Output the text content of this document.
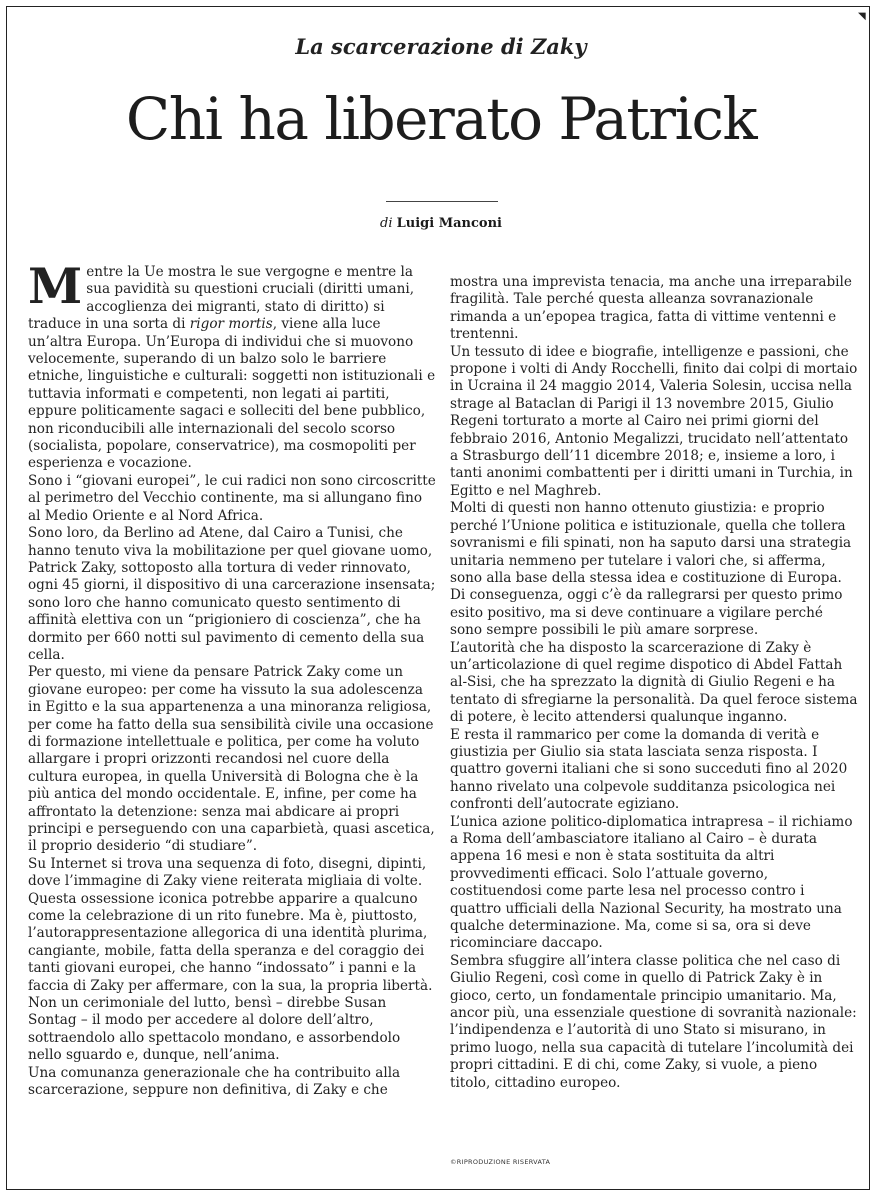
◥
La scarcerazione di Zaky
Chi ha liberato Patrick
di Luigi Manconi

Mentre la Ue mostra le sue vergogne e mentre la sua pavidità su questioni cruciali (diritti umani, accoglienza dei migranti, stato di diritto) si traduce in una sorta di rigor mortis, viene alla luce un’altra Europa. Un’Europa di individui che si muovono velocemente, superando di un balzo solo le barriere etniche, linguistiche e culturali: soggetti non istituzionali e tuttavia informati e competenti, non legati ai partiti, eppure politicamente sagaci e solleciti del bene pubblico, non riconducibili alle internazionali del secolo scorso (socialista, popolare, conservatrice), ma cosmopoliti per esperienza e vocazione.

Sono i “giovani europei”, le cui radici non sono circoscritte al perimetro del Vecchio continente, ma si allungano fino al Medio Oriente e al Nord Africa.

Sono loro, da Berlino ad Atene, dal Cairo a Tunisi, che hanno tenuto viva la mobilitazione per quel giovane uomo, Patrick Zaky, sottoposto alla tortura di veder rinnovato, ogni 45 giorni, il dispositivo di una carcerazione insensata; sono loro che hanno comunicato questo sentimento di affinità elettiva con un “prigioniero di coscienza”, che ha dormito per 660 notti sul pavimento di cemento della sua cella.

Per questo, mi viene da pensare Patrick Zaky come un giovane europeo: per come ha vissuto la sua adolescenza in Egitto e la sua appartenenza a una minoranza religiosa, per come ha fatto della sua sensibilità civile una occasione di formazione intellettuale e politica, per come ha voluto allargare i propri orizzonti recandosi nel cuore della cultura europea, in quella Università di Bologna che è la più antica del mondo occidentale. E, infine, per come ha affrontato la detenzione: senza mai abdicare ai propri principi e perseguendo con una caparbietà, quasi ascetica, il proprio desiderio “di studiare”.

Su Internet si trova una sequenza di foto, disegni, dipinti, dove l’immagine di Zaky viene reiterata migliaia di volte. Questa ossessione iconica potrebbe apparire a qualcuno come la celebrazione di un rito funebre. Ma è, piuttosto, l’autorappresentazione allegorica di una identità plurima, cangiante, mobile, fatta della speranza e del coraggio dei tanti giovani europei, che hanno “indossato” i panni e la faccia di Zaky per affermare, con la sua, la propria libertà. Non un cerimoniale del lutto, bensì – direbbe Susan Sontag – il modo per accedere al dolore dell’altro, sottraendolo allo spettacolo mondano, e assorbendolo nello sguardo e, dunque, nell’anima.

Una comunanza generazionale che ha contribuito alla scarcerazione, seppure non definitiva, di Zaky e che

mostra una imprevista tenacia, ma anche una irreparabile fragilità. Tale perché questa alleanza sovranazionale rimanda a un’epopea tragica, fatta di vittime ventenni e trentenni.

Un tessuto di idee e biografie, intelligenze e passioni, che propone i volti di Andy Rocchelli, finito dai colpi di mortaio in Ucraina il 24 maggio 2014, Valeria Solesin, uccisa nella strage al Bataclan di Parigi il 13 novembre 2015, Giulio Regeni torturato a morte al Cairo nei primi giorni del febbraio 2016, Antonio Megalizzi, trucidato nell’attentato a Strasburgo dell’11 dicembre 2018; e, insieme a loro, i tanti anonimi combattenti per i diritti umani in Turchia, in Egitto e nel Maghreb.

Molti di questi non hanno ottenuto giustizia: e proprio perché l’Unione politica e istituzionale, quella che tollera sovranismi e fili spinati, non ha saputo darsi una strategia unitaria nemmeno per tutelare i valori che, si afferma, sono alla base della stessa idea e costituzione di Europa.

Di conseguenza, oggi c’è da rallegrarsi per questo primo esito positivo, ma si deve continuare a vigilare perché sono sempre possibili le più amare sorprese.

L’autorità che ha disposto la scarcerazione di Zaky è un’articolazione di quel regime dispotico di Abdel Fattah al-Sisi, che ha sprezzato la dignità di Giulio Regeni e ha tentato di sfregiarne la personalità. Da quel feroce sistema di potere, è lecito attendersi qualunque inganno.

E resta il rammarico per come la domanda di verità e giustizia per Giulio sia stata lasciata senza risposta. I quattro governi italiani che si sono succeduti fino al 2020 hanno rivelato una colpevole sudditanza psicologica nei confronti dell’autocrate egiziano.

L’unica azione politico-diplomatica intrapresa – il richiamo a Roma dell’ambasciatore italiano al Cairo – è durata appena 16 mesi e non è stata sostituita da altri provvedimenti efficaci. Solo l’attuale governo, costituendosi come parte lesa nel processo contro i quattro ufficiali della Nazional Security, ha mostrato una qualche determinazione. Ma, come si sa, ora si deve ricominciare daccapo.

Sembra sfuggire all’intera classe politica che nel caso di Giulio Regeni, così come in quello di Patrick Zaky è in gioco, certo, un fondamentale principio umanitario. Ma, ancor più, una essenziale questione di sovranità nazionale: l’indipendenza e l’autorità di uno Stato si misurano, in primo luogo, nella sua capacità di tutelare l’incolumità dei propri cittadini. E di chi, come Zaky, si vuole, a pieno titolo, cittadino europeo.

©RIPRODUZIONE RISERVATA
